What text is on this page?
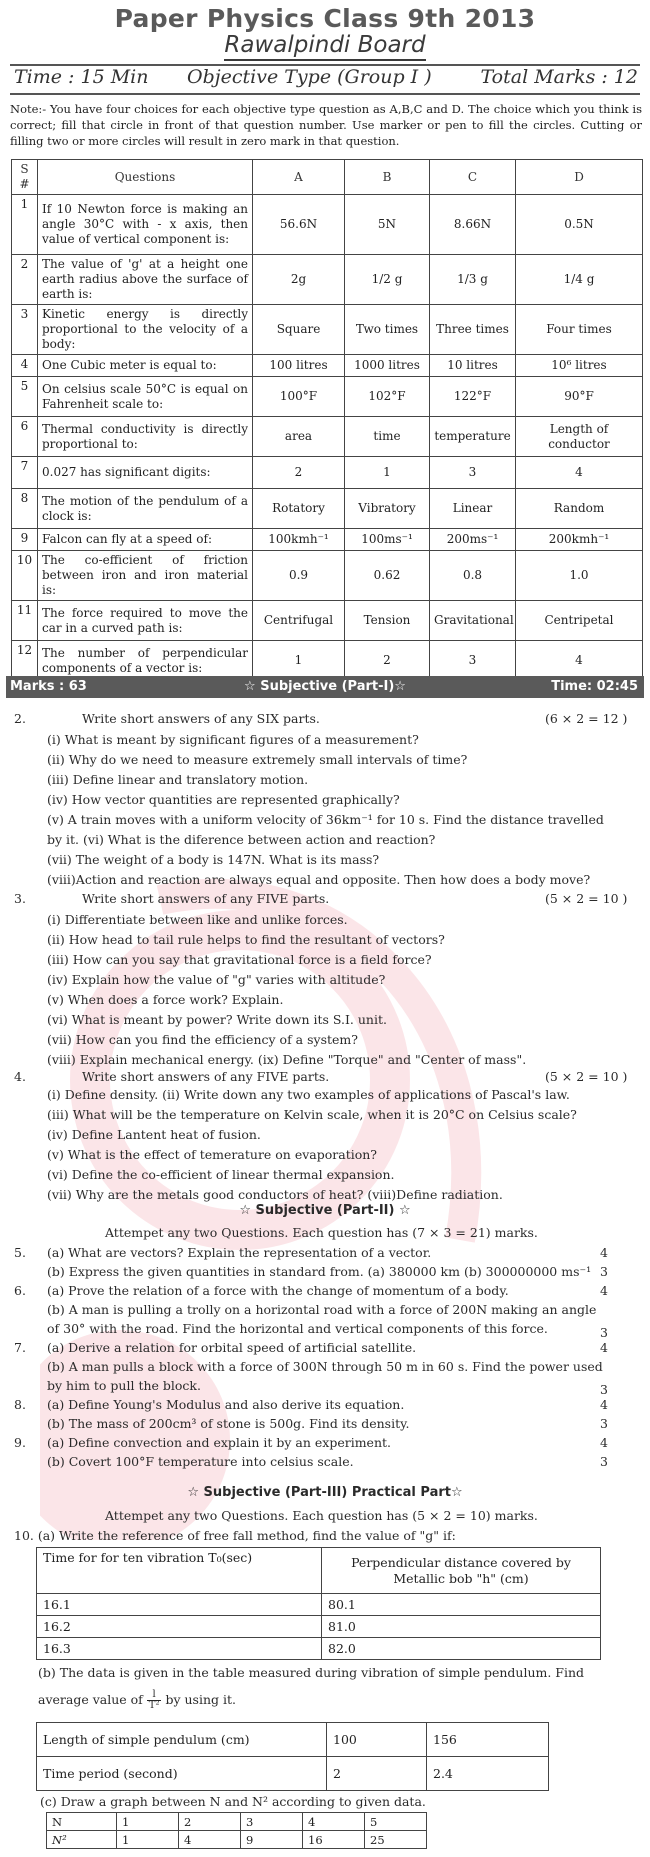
Paper Physics Class 9th 2013
Rawalpindi Board
Time : 15 Min Objective Type (Group I )	Total Marks : 12
Note:- You have four choices for each objective type question as A,B,C and D. The choice which you think is correct; fill that circle in front of that question number. Use marker or pen to fill the circles. Cutting or filling two or more circles will result in zero mark in that question.
S #	Questions	A	B	C	D
1	If 10 Newton force is making an angle 30°C with - x axis, then value of vertical component is:	56.6N	5N	8.66N	0.5N
2	The value of 'g' at a height one earth radius above the surface of earth is:	2g	1/2 g	1/3 g	1/4 g
3	Kinetic energy is directly proportional to the velocity of a body:	Square	Two times	Three times	Four times
4	One Cubic meter is equal to:	100 litres	1000 litres	10 litres	10⁶ litres
5	On celsius scale 50°C is equal on Fahrenheit scale to:	100°F	102°F	122°F	90°F
6	Thermal conductivity is directly proportional to:	area	time	temperature	Length of conductor
7	0.027 has significant digits:	2	1	3	4
8	The motion of the pendulum of a clock is:	Rotatory	Vibratory	Linear	Random
9	Falcon can fly at a speed of:	100kmh⁻¹	100ms⁻¹	200ms⁻¹	200kmh⁻¹
10	The co-efficient of friction between iron and iron material is:	0.9	0.62	0.8	1.0
11	The force required to move the car in a curved path is:	Centrifugal	Tension	Gravitational	Centripetal
12	The number of perpendicular components of a vector is:	1	2	3	4
☆ Subjective (Part-I)☆
Marks : 63	Time: 02:45
2.	Write short answers of any SIX parts.	(6 × 2 = 12 )
(i) What is meant by significant figures of a measurement?
(ii) Why do we need to measure extremely small intervals of time?
(iii) Define linear and translatory motion.
(iv) How vector quantities are represented graphically?
(v) A train moves with a uniform velocity of 36km⁻¹ for 10 s. Find the distance travelled
by it. (vi) What is the diference between action and reaction?
(vii) The weight of a body is 147N. What is its mass?
(viii)Action and reaction are always equal and opposite. Then how does a body move?
3.	Write short answers of any FIVE parts.	(5 × 2 = 10 )
(i) Differentiate between like and unlike forces.
(ii) How head to tail rule helps to find the resultant of vectors?
(iii) How can you say that gravitational force is a field force?
(iv) Explain how the value of "g" varies with altitude?
(v) When does a force work? Explain.
(vi) What is meant by power? Write down its S.I. unit.
(vii) How can you find the efficiency of a system?
(viii) Explain mechanical energy. (ix) Define "Torque" and "Center of mass".
4.	Write short answers of any FIVE parts.	(5 × 2 = 10 )
(i) Define density. (ii) Write down any two examples of applications of Pascal's law.
(iii) What will be the temperature on Kelvin scale, when it is 20°C on Celsius scale?
(iv) Define Lantent heat of fusion.
(v) What is the effect of temerature on evaporation?
(vi) Define the co-efficient of linear thermal expansion.
(vii) Why are the metals good conductors of heat? (viii)Define radiation.
☆ Subjective (Part-II) ☆
Attempet any two Questions. Each question has (7 × 3 = 21) marks.
5. (a) What are vectors? Explain the representation of a vector.	4
(b) Express the given quantities in standard from. (a) 380000 km (b) 300000000 ms⁻¹ 3
6. (a) Prove the relation of a force with the change of momentum of a body.	4
(b) A man is pulling a trolly on a horizontal road with a force of 200N making an angle
of 30° with the road. Find the horizontal and vertical components of this force.	3
7. (a) Derive a relation for orbital speed of artificial satellite.	4
(b) A man pulls a block with a force of 300N through 50 m in 60 s. Find the power used
by him to pull the block.	3
8. (a) Define Young's Modulus and also derive its equation.	4
(b) The mass of 200cm³ of stone is 500g. Find its density.	3
9. (a) Define convection and explain it by an experiment.	4
(b) Covert 100°F temperature into celsius scale.	3
☆ Subjective (Part-III) Practical Part☆
Attempet any two Questions. Each question has (5 × 2 = 10) marks.
10. (a) Write the reference of free fall method, find the value of "g" if:
Time for for ten vibration T₀(sec)	Perpendicular distance covered by Metallic bob "h" (cm)
16.1	80.1
16.2	81.0
16.3	82.0
(b) The data is given in the table measured during vibration of simple pendulum. Find
average value of $\frac{l}{\text{T²}}$ by using it.
Length of simple pendulum (cm)	100	156
Time period (second)	2	2.4
(c) Draw a graph between N and N² according to given data.
N	1	2	3	4	5
N²	1	4	9	16	25
